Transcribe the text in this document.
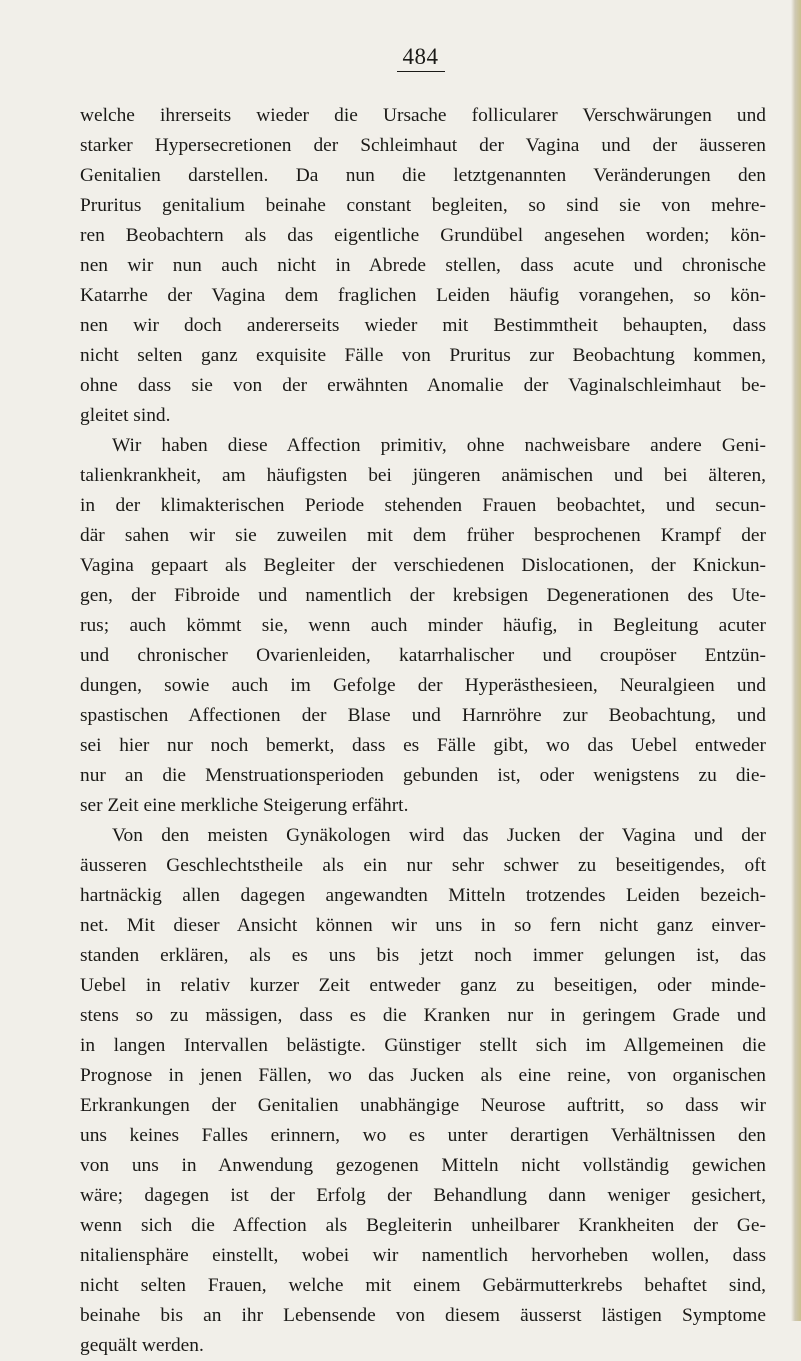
484
welche ihrerseits wieder die Ursache follicularer Verschwärungen und
starker Hypersecretionen der Schleimhaut der Vagina und der äusseren
Genitalien darstellen. Da nun die letztgenannten Veränderungen den
Pruritus genitalium beinahe constant begleiten, so sind sie von mehre-
ren Beobachtern als das eigentliche Grundübel angesehen worden; kön-
nen wir nun auch nicht in Abrede stellen, dass acute und chronische
Katarrhe der Vagina dem fraglichen Leiden häufig vorangehen, so kön-
nen wir doch andererseits wieder mit Bestimmtheit behaupten, dass
nicht selten ganz exquisite Fälle von Pruritus zur Beobachtung kommen,
ohne dass sie von der erwähnten Anomalie der Vaginalschleimhaut be-
gleitet sind.
Wir haben diese Affection primitiv, ohne nachweisbare andere Geni-
talienkrankheit, am häufigsten bei jüngeren anämischen und bei älteren,
in der klimakterischen Periode stehenden Frauen beobachtet, und secun-
där sahen wir sie zuweilen mit dem früher besprochenen Krampf der
Vagina gepaart als Begleiter der verschiedenen Dislocationen, der Knickun-
gen, der Fibroide und namentlich der krebsigen Degenerationen des Ute-
rus; auch kömmt sie, wenn auch minder häufig, in Begleitung acuter
und chronischer Ovarienleiden, katarrhalischer und croupöser Entzün-
dungen, sowie auch im Gefolge der Hyperästhesieen, Neuralgieen und
spastischen Affectionen der Blase und Harnröhre zur Beobachtung, und
sei hier nur noch bemerkt, dass es Fälle gibt, wo das Uebel entweder
nur an die Menstruationsperioden gebunden ist, oder wenigstens zu die-
ser Zeit eine merkliche Steigerung erfährt.
Von den meisten Gynäkologen wird das Jucken der Vagina und der
äusseren Geschlechtstheile als ein nur sehr schwer zu beseitigendes, oft
hartnäckig allen dagegen angewandten Mitteln trotzendes Leiden bezeich-
net. Mit dieser Ansicht können wir uns in so fern nicht ganz einver-
standen erklären, als es uns bis jetzt noch immer gelungen ist, das
Uebel in relativ kurzer Zeit entweder ganz zu beseitigen, oder minde-
stens so zu mässigen, dass es die Kranken nur in geringem Grade und
in langen Intervallen belästigte. Günstiger stellt sich im Allgemeinen die
Prognose in jenen Fällen, wo das Jucken als eine reine, von organischen
Erkrankungen der Genitalien unabhängige Neurose auftritt, so dass wir
uns keines Falles erinnern, wo es unter derartigen Verhältnissen den
von uns in Anwendung gezogenen Mitteln nicht vollständig gewichen
wäre; dagegen ist der Erfolg der Behandlung dann weniger gesichert,
wenn sich die Affection als Begleiterin unheilbarer Krankheiten der Ge-
nitaliensphäre einstellt, wobei wir namentlich hervorheben wollen, dass
nicht selten Frauen, welche mit einem Gebärmutterkrebs behaftet sind,
beinahe bis an ihr Lebensende von diesem äusserst lästigen Symptome
gequält werden.
